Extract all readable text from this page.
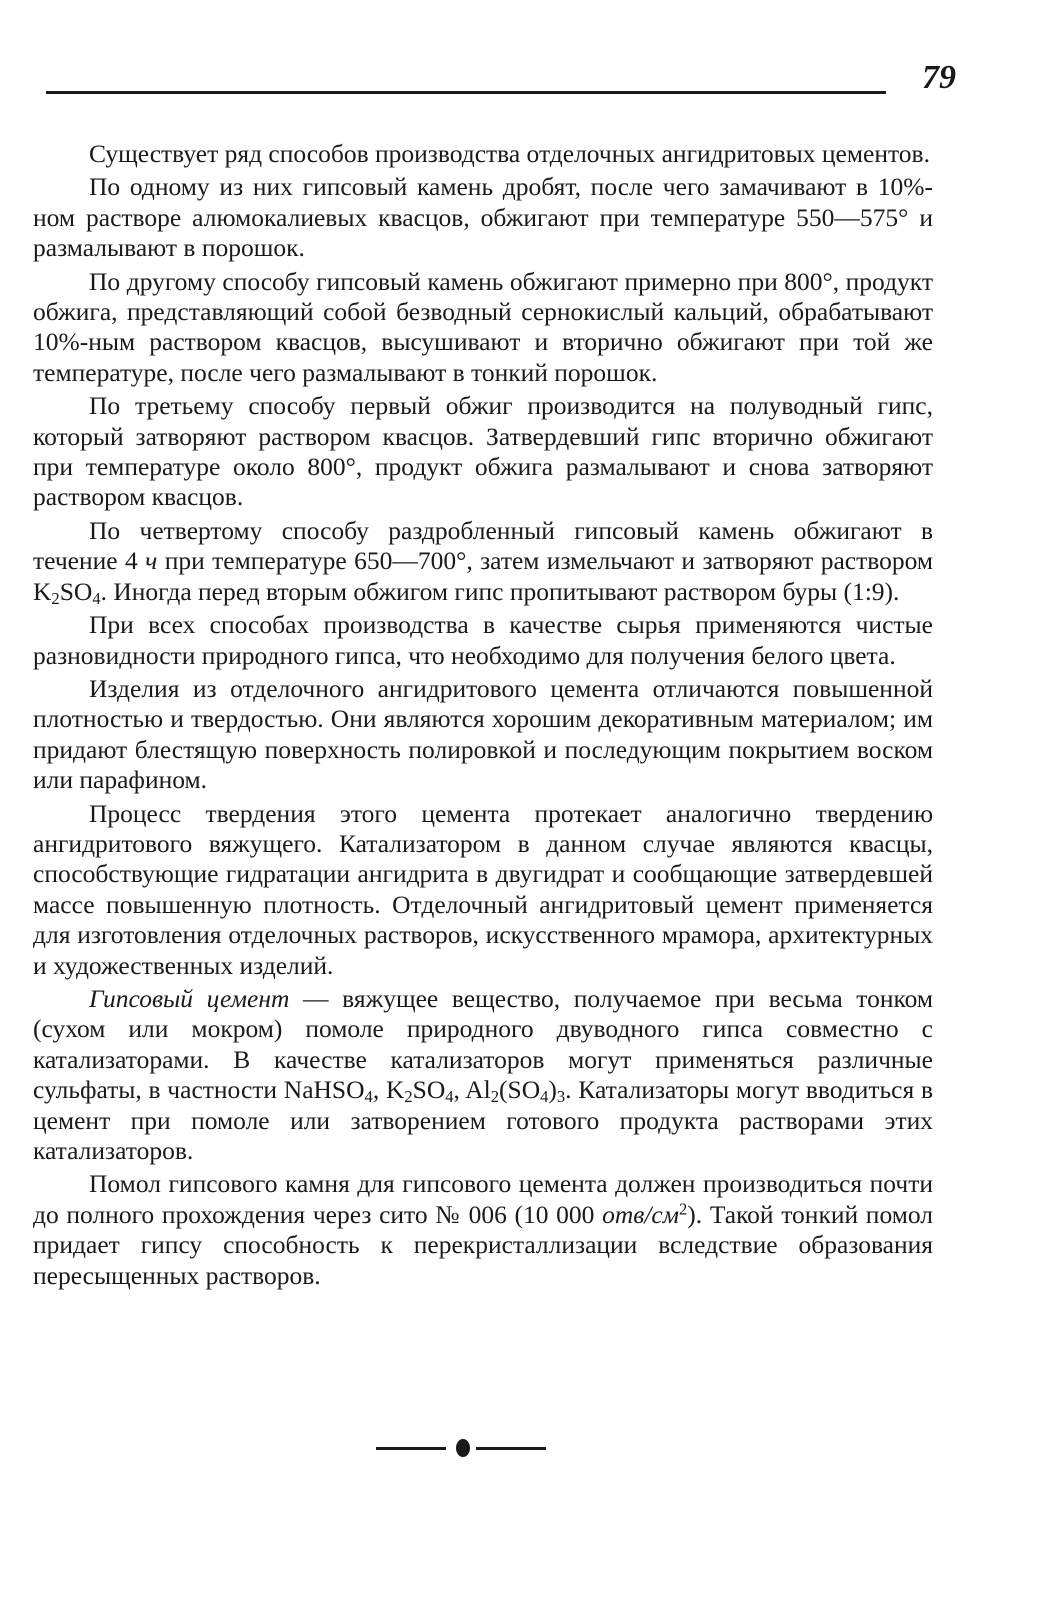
79

Существует ряд способов производства отделочных ангидритовых цементов.

По одному из них гипсовый камень дробят, после чего замачивают в 10%-ном растворе алюмокалиевых квасцов, обжигают при температуре 550—575° и размалывают в порошок.

По другому способу гипсовый камень обжигают примерно при 800°, продукт обжига, представляющий собой безводный сернокислый кальций, обрабатывают 10%-ным раствором квасцов, высушивают и вторично обжигают при той же температуре, после чего размалывают в тонкий порошок.

По третьему способу первый обжиг производится на полуводный гипс, который затворяют раствором квасцов. Затвердевший гипс вторично обжигают при температуре около 800°, продукт обжига размалывают и снова затворяют раствором квасцов.

По четвертому способу раздробленный гипсовый камень обжигают в течение 4 ч при температуре 650—700°, затем измельчают и затворяют раствором $K_2SO_4$. Иногда перед вторым обжигом гипс пропитывают раствором буры (1:9).

При всех способах производства в качестве сырья применяются чистые разновидности природного гипса, что необходимо для получения белого цвета.

Изделия из отделочного ангидритового цемента отличаются повышенной плотностью и твердостью. Они являются хорошим декоративным материалом; им придают блестящую поверхность полировкой и последующим покрытием воском или парафином.

Процесс твердения этого цемента протекает аналогично твердению ангидритового вяжущего. Катализатором в данном случае являются квасцы, способствующие гидратации ангидрита в двугидрат и сообщающие затвердевшей массе повышенную плотность. Отделочный ангидритовый цемент применяется для изготовления отделочных растворов, искусственного мрамора, архитектурных и художественных изделий.

Гипсовый цемент — вяжущее вещество, получаемое при весьма тонком (сухом или мокром) помоле природного двуводного гипса совместно с катализаторами. В качестве катализаторов могут применяться различные сульфаты, в частности NaHSO$_4$, $K_2SO_4$, $Al_2(SO_4)_3$. Катализаторы могут вводиться в цемент при помоле или затворением готового продукта растворами этих катализаторов.

Помол гипсового камня для гипсового цемента должен производиться почти до полного прохождения через сито № 006 (10 000 отв/$см^2$). Такой тонкий помол придает гипсу способность к перекристаллизации вследствие образования пересыщенных растворов.
